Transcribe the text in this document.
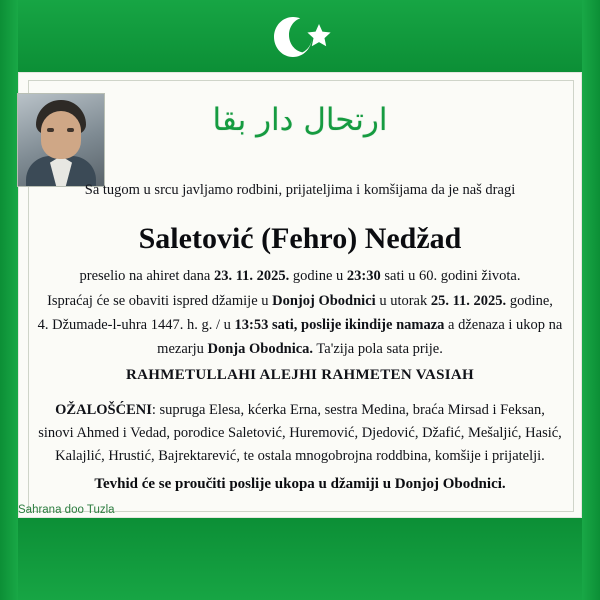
ارتحال دار بقا
Sa tugom u srcu javljamo rodbini, prijateljima i komšijama da je naš dragi
Saletović (Fehro) Nedžad
preselio na ahiret dana 23. 11. 2025. godine u 23:30 sati u 60. godini života.
Ispraćaj će se obaviti ispred džamije u Donjoj Obodnici u utorak 25. 11. 2025. godine,
4. Džumade-l-uhra 1447. h. g. / u 13:53 sati, poslije ikindije namaza a dženaza i ukop na
mezarju Donja Obodnica. Ta'zija pola sata prije.
RAHMETULLAHI ALEJHI RAHMETEN VASIAH
OŽALOŠĆENI: supruga Elesa, kćerka Erna, sestra Medina, braća Mirsad i Feksan,
sinovi Ahmed i Vedad, porodice Saletović, Huremović, Djedović, Džafić, Mešaljić, Hasić,
Kalajlić, Hrustić, Bajrektarević, te ostala mnogobrojna roddbina, komšije i prijatelji.
Tevhid će se proučiti poslije ukopa u džamiji u Donjoj Obodnici.
Sahrana doo Tuzla
